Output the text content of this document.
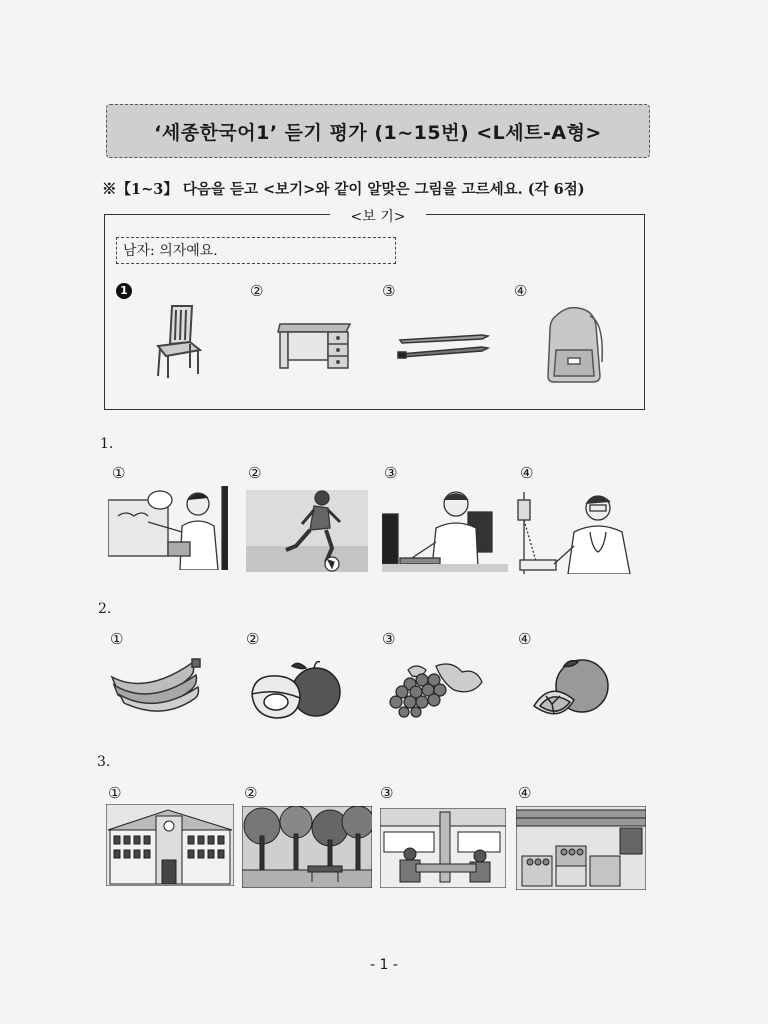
‘세종한국어1’ 듣기 평가 (1~15번) <L세트-A형>
※【1~3】 다음을 듣고 <보기>와 같이 알맞은 그림을 고르세요. (각 6점)
<보 기>
남자: 의자예요.
1	②	③	④
1.
①	②	③	④
2.
①	②	③	④
3.
①	②	③	④
- 1 -
